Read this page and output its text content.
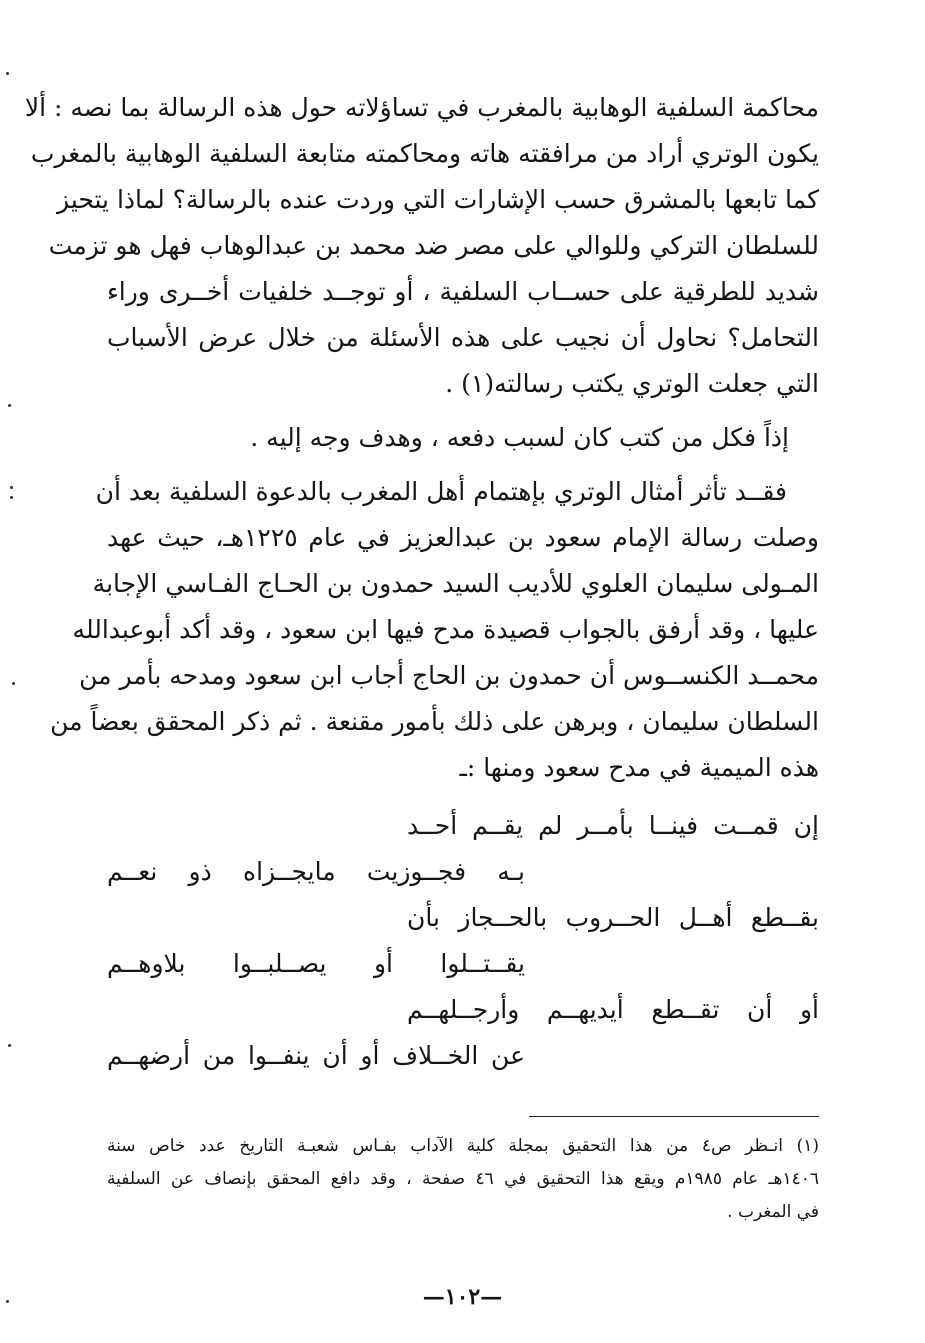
محاكمة السلفية الوهابية بالمغرب في تساؤلاته حول هذه الرسالة بما نصه : ألا
يكون الوتري أراد من مرافقته هاته ومحاكمته متابعة السلفية الوهابية بالمغرب
كما تابعها بالمشرق حسب الإشارات التي وردت عنده بالرسالة؟ لماذا يتحيز
للسلطان التركي وللوالي على مصر ضد محمد بن عبدالوهاب فهل هو تزمت
شديد للطرقية على حســاب السلفية ، أو توجــد خلفيات أخــرى وراء
التحامل؟ نحاول أن نجيب على هذه الأسئلة من خلال عرض الأسباب
التي جعلت الوتري يكتب رسالته(١) .
إذاً فكل من كتب كان لسبب دفعه ، وهدف وجه إليه .
فقــد تأثر أمثال الوتري بإهتمام أهل المغرب بالدعوة السلفية بعد أن
وصلت رسالة الإمام سعود بن عبدالعزيز في عام ١٢٢٥هـ، حيث عهد
المـولى سليمان العلوي للأديب السيد حمدون بن الحـاج الفـاسي الإجابة
عليها ، وقد أرفق بالجواب قصيدة مدح فيها ابن سعود ، وقد أكد أبوعبدالله
محمــد الكنســوس أن حمدون بن الحاج أجاب ابن سعود ومدحه بأمر من
السلطان سليمان ، وبرهن على ذلك بأمور مقنعة . ثم ذكر المحقق بعضاً من
هذه الميمية في مدح سعود ومنها :ـ
إن قمــت فينــا بأمــر لم يقــم أحــد
بـه فجــوزيت مايجــزاه ذو نعــم
بقــطع أهــل الحــروب بالحــجاز بأن
يقــتــلوا أو يصــلبــوا بلاوهــم
أو أن تقــطع أيديهــم وأرجــلهــم
عن الخــلاف أو أن ينفــوا من أرضهــم
(١) انـظر ص٤ من هذا التحقيق بمجلة كلية الآداب بفـاس شعبـة التاريخ عدد خاص سنة
١٤٠٦هـ عام ١٩٨٥م ويقع هذا التحقيق في ٤٦ صفحة ، وقد دافع المحقق بإنصاف عن السلفية
في المغرب .
—١٠٢—
